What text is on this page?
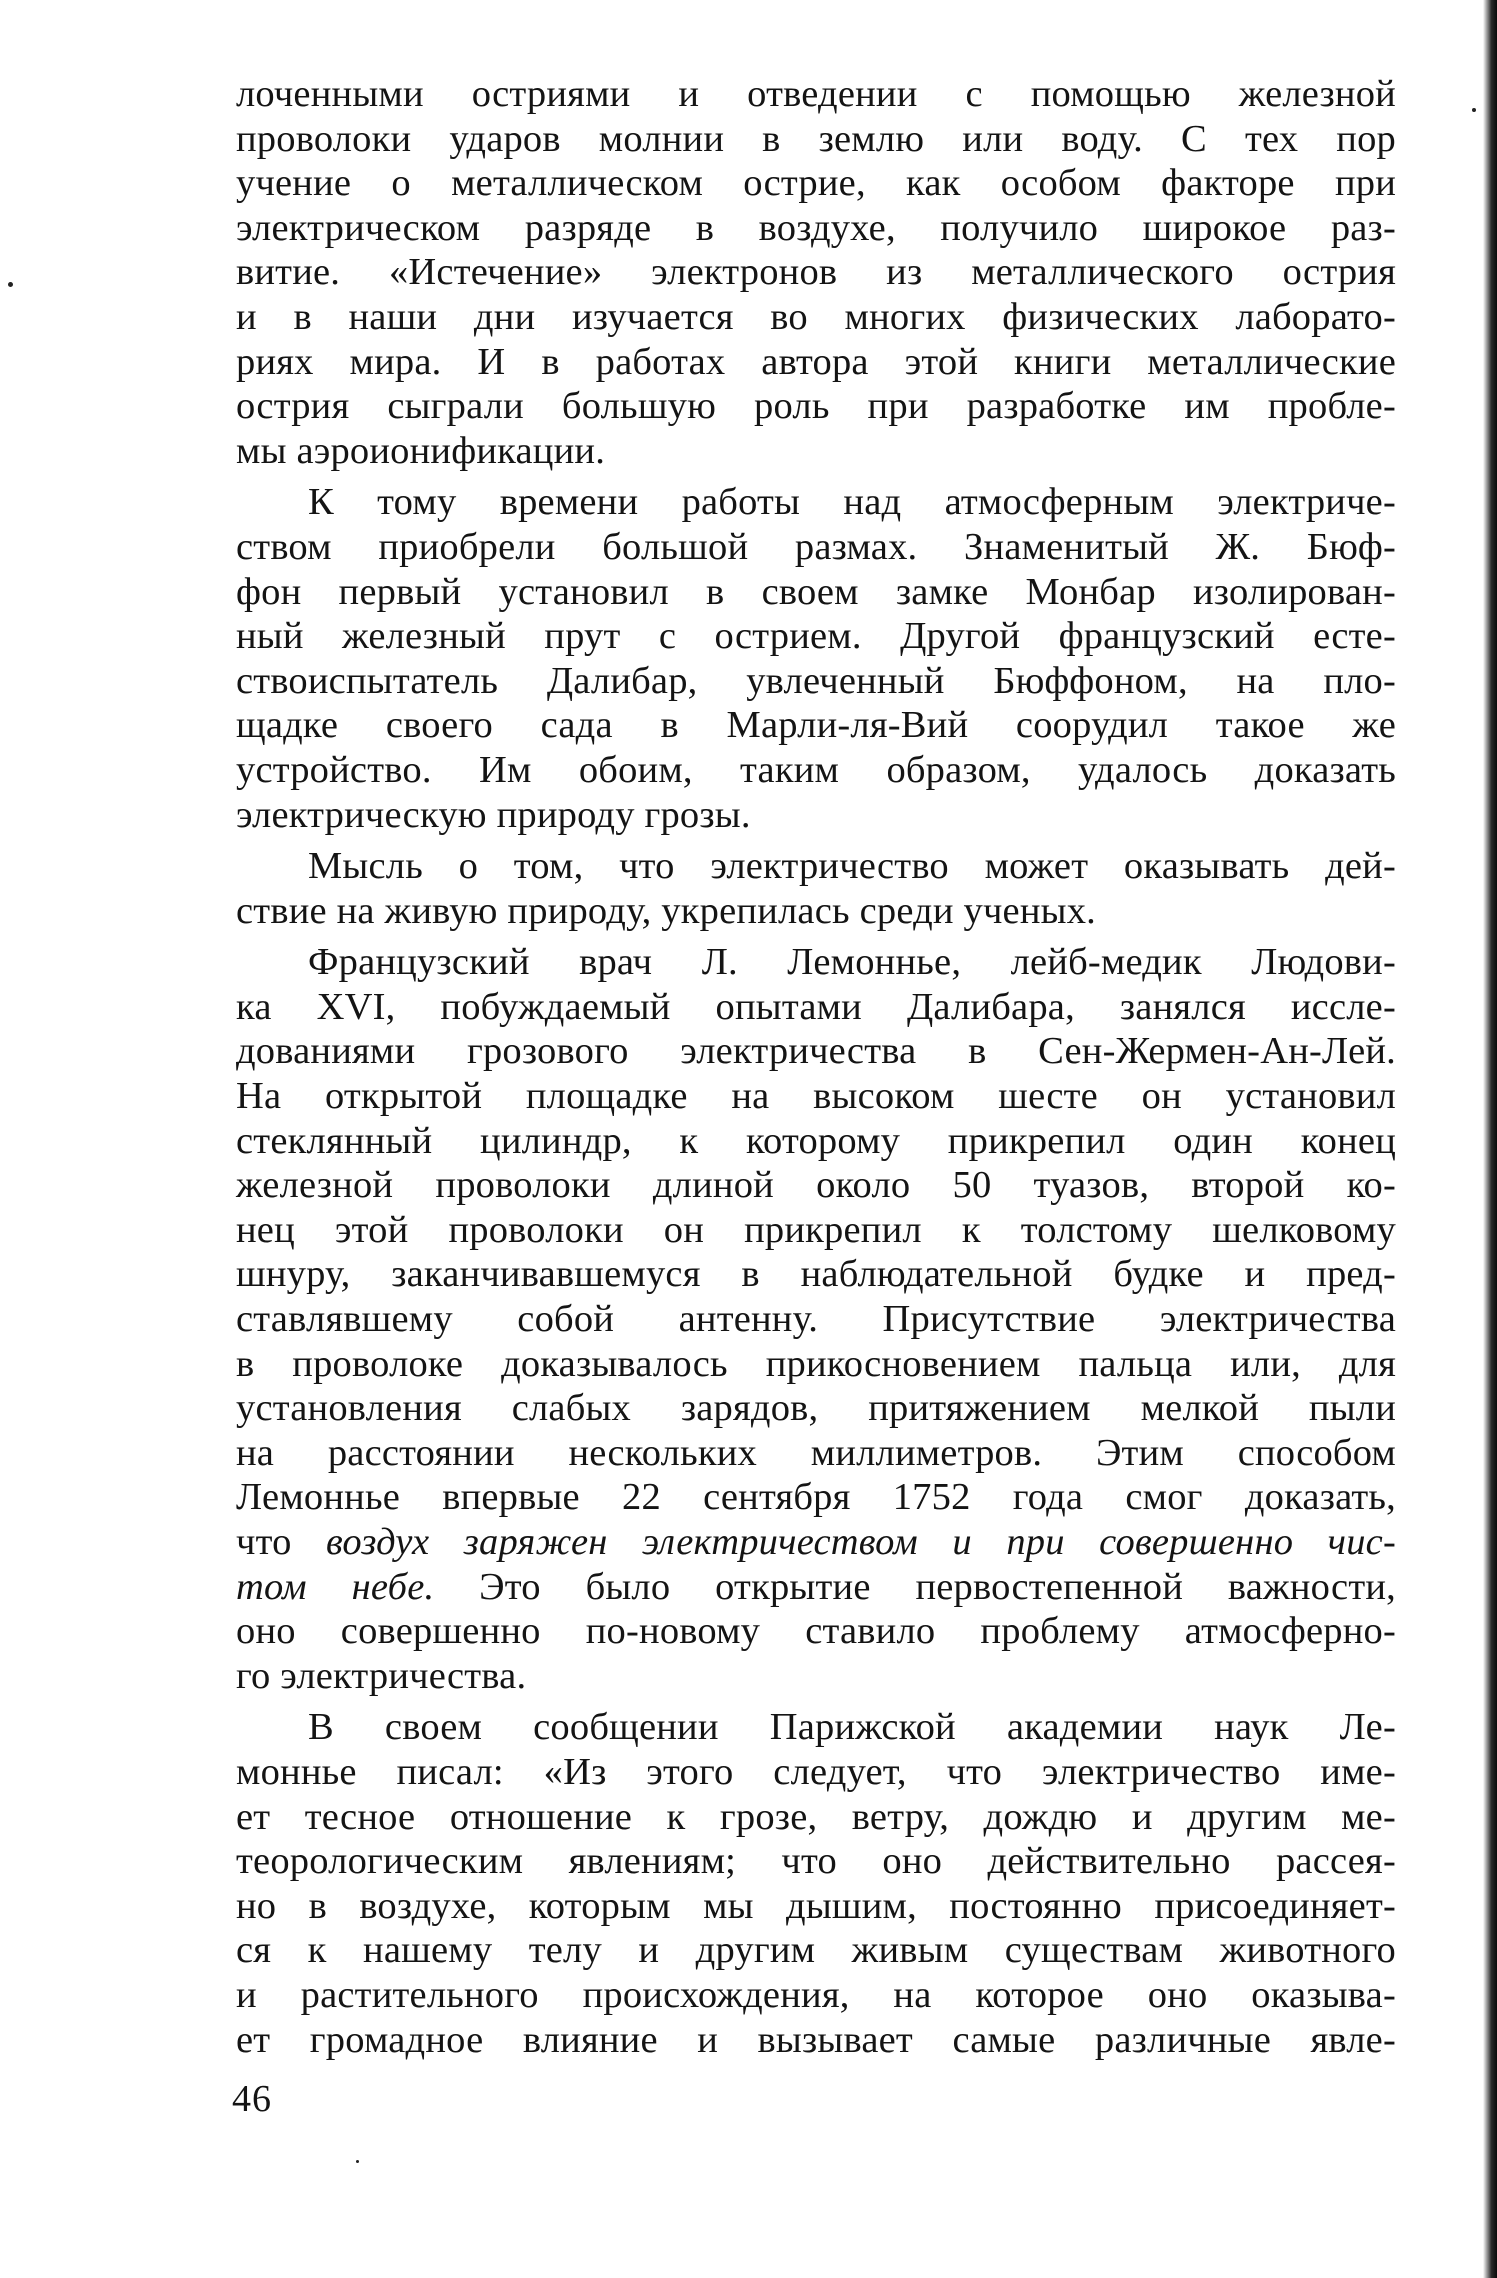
лоченными остриями и отведении с помощью железной
проволоки ударов молнии в землю или воду. С тех пор
учение о металлическом острие, как особом факторе при
электрическом разряде в воздухе, получило широкое раз-
витие. «Истечение» электронов из металлического острия
и в наши дни изучается во многих физических лаборато-
риях мира. И в работах автора этой книги металлические
острия сыграли большую роль при разработке им пробле-
мы аэроионификации.
К тому времени работы над атмосферным электриче-
ством приобрели большой размах. Знаменитый Ж. Бюф-
фон первый установил в своем замке Монбар изолирован-
ный железный прут с острием. Другой французский есте-
ствоиспытатель Далибар, увлеченный Бюффоном, на пло-
щадке своего сада в Марли-ля-Вий соорудил такое же
устройство. Им обоим, таким образом, удалось доказать
электрическую природу грозы.
Мысль о том, что электричество может оказывать дей-
ствие на живую природу, укрепилась среди ученых.
Французский врач Л. Лемоннье, лейб-медик Людови-
ка XVI, побуждаемый опытами Далибара, занялся иссле-
дованиями грозового электричества в Сен-Жермен-Ан-Лей.
На открытой площадке на высоком шесте он установил
стеклянный цилиндр, к которому прикрепил один конец
железной проволоки длиной около 50 туазов, второй ко-
нец этой проволоки он прикрепил к толстому шелковому
шнуру, заканчивавшемуся в наблюдательной будке и пред-
ставлявшему собой антенну. Присутствие электричества
в проволоке доказывалось прикосновением пальца или, для
установления слабых зарядов, притяжением мелкой пыли
на расстоянии нескольких миллиметров. Этим способом
Лемоннье впервые 22 сентября 1752 года смог доказать,
что воздух заряжен электричеством и при совершенно чис-
том небе. Это было открытие первостепенной важности,
оно совершенно по-новому ставило проблему атмосферно-
го электричества.
В своем сообщении Парижской академии наук Ле-
моннье писал: «Из этого следует, что электричество име-
ет тесное отношение к грозе, ветру, дождю и другим ме-
теорологическим явлениям; что оно действительно рассея-
но в воздухе, которым мы дышим, постоянно присоединяет-
ся к нашему телу и другим живым существам животного
и растительного происхождения, на которое оно оказыва-
ет громадное влияние и вызывает самые различные явле-
46
